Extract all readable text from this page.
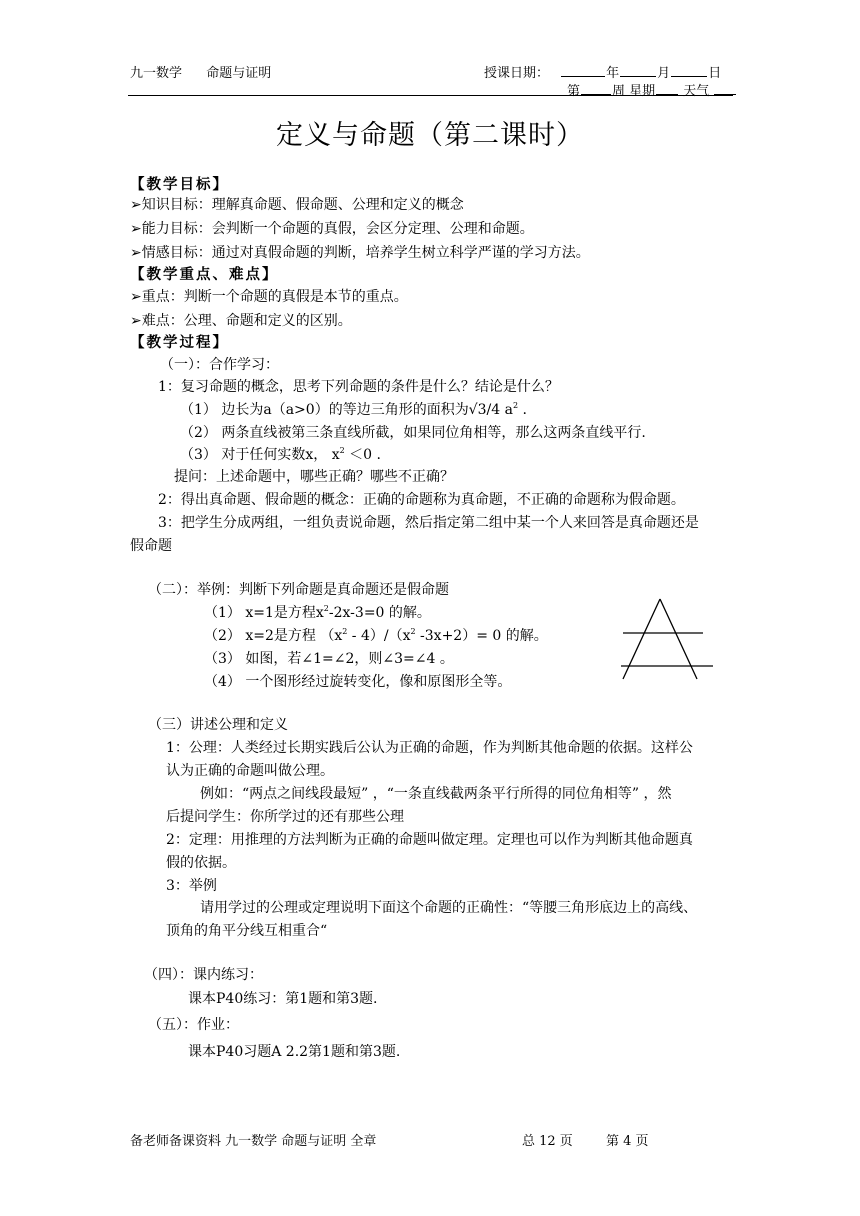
九一数学 命题与证明	授课日期：	年	月	日
第 周 星期 天气
定义与命题（第二课时）
【教学目标】
➢知识目标：理解真命题、假命题、公理和定义的概念
➢能力目标：会判断一个命题的真假，会区分定理、公理和命题。
➢情感目标：通过对真假命题的判断，培养学生树立科学严谨的学习方法。
【教学重点、难点】
➢重点：判断一个命题的真假是本节的重点。
➢难点：公理、命题和定义的区别。
【教学过程】
（一）：合作学习：
1：复习命题的概念，思考下列命题的条件是什么？结论是什么？
（1） 边长为a（a>0）的等边三角形的面积为√3/4 $a^2$ .
（2） 两条直线被第三条直线所截，如果同位角相等，那么这两条直线平行.
（3） 对于任何实数x， $x^2 <0$ .
提问：上述命题中，哪些正确？哪些不正确？
2：得出真命题、假命题的概念：正确的命题称为真命题，不正确的命题称为假命题。
3：把学生分成两组，一组负责说命题，然后指定第二组中某一个人来回答是真命题还是
假命题
（二）：举例：判断下列命题是真命题还是假命题
（1） x=1是方程$x^2-2x-3=0$ 的解。
（2） x=2是方程 $(x^2 - 4)/(x^2$ -3x+2）= 0 的解。
（3） 如图，若∠1=∠2，则∠3=∠4 。
（4） 一个图形经过旋转变化，像和原图形全等。
（三）讲述公理和定义
1：公理：人类经过长期实践后公认为正确的命题，作为判断其他命题的依据。这样公
认为正确的命题叫做公理。
例如：“两点之间线段最短” ，“一条直线截两条平行所得的同位角相等” ，然
后提问学生：你所学过的还有那些公理
2：定理：用推理的方法判断为正确的命题叫做定理。定理也可以作为判断其他命题真
假的依据。
3：举例
请用学过的公理或定理说明下面这个命题的正确性：“等腰三角形底边上的高线、
顶角的角平分线互相重合“
（四）：课内练习：
课本P40练习：第1题和第3题.
（五）：作业：
课本P40习题A 2.2第1题和第3题.
备老师备课资料 九一数学 命题与证明 全章	总 12 页	第 4 页
